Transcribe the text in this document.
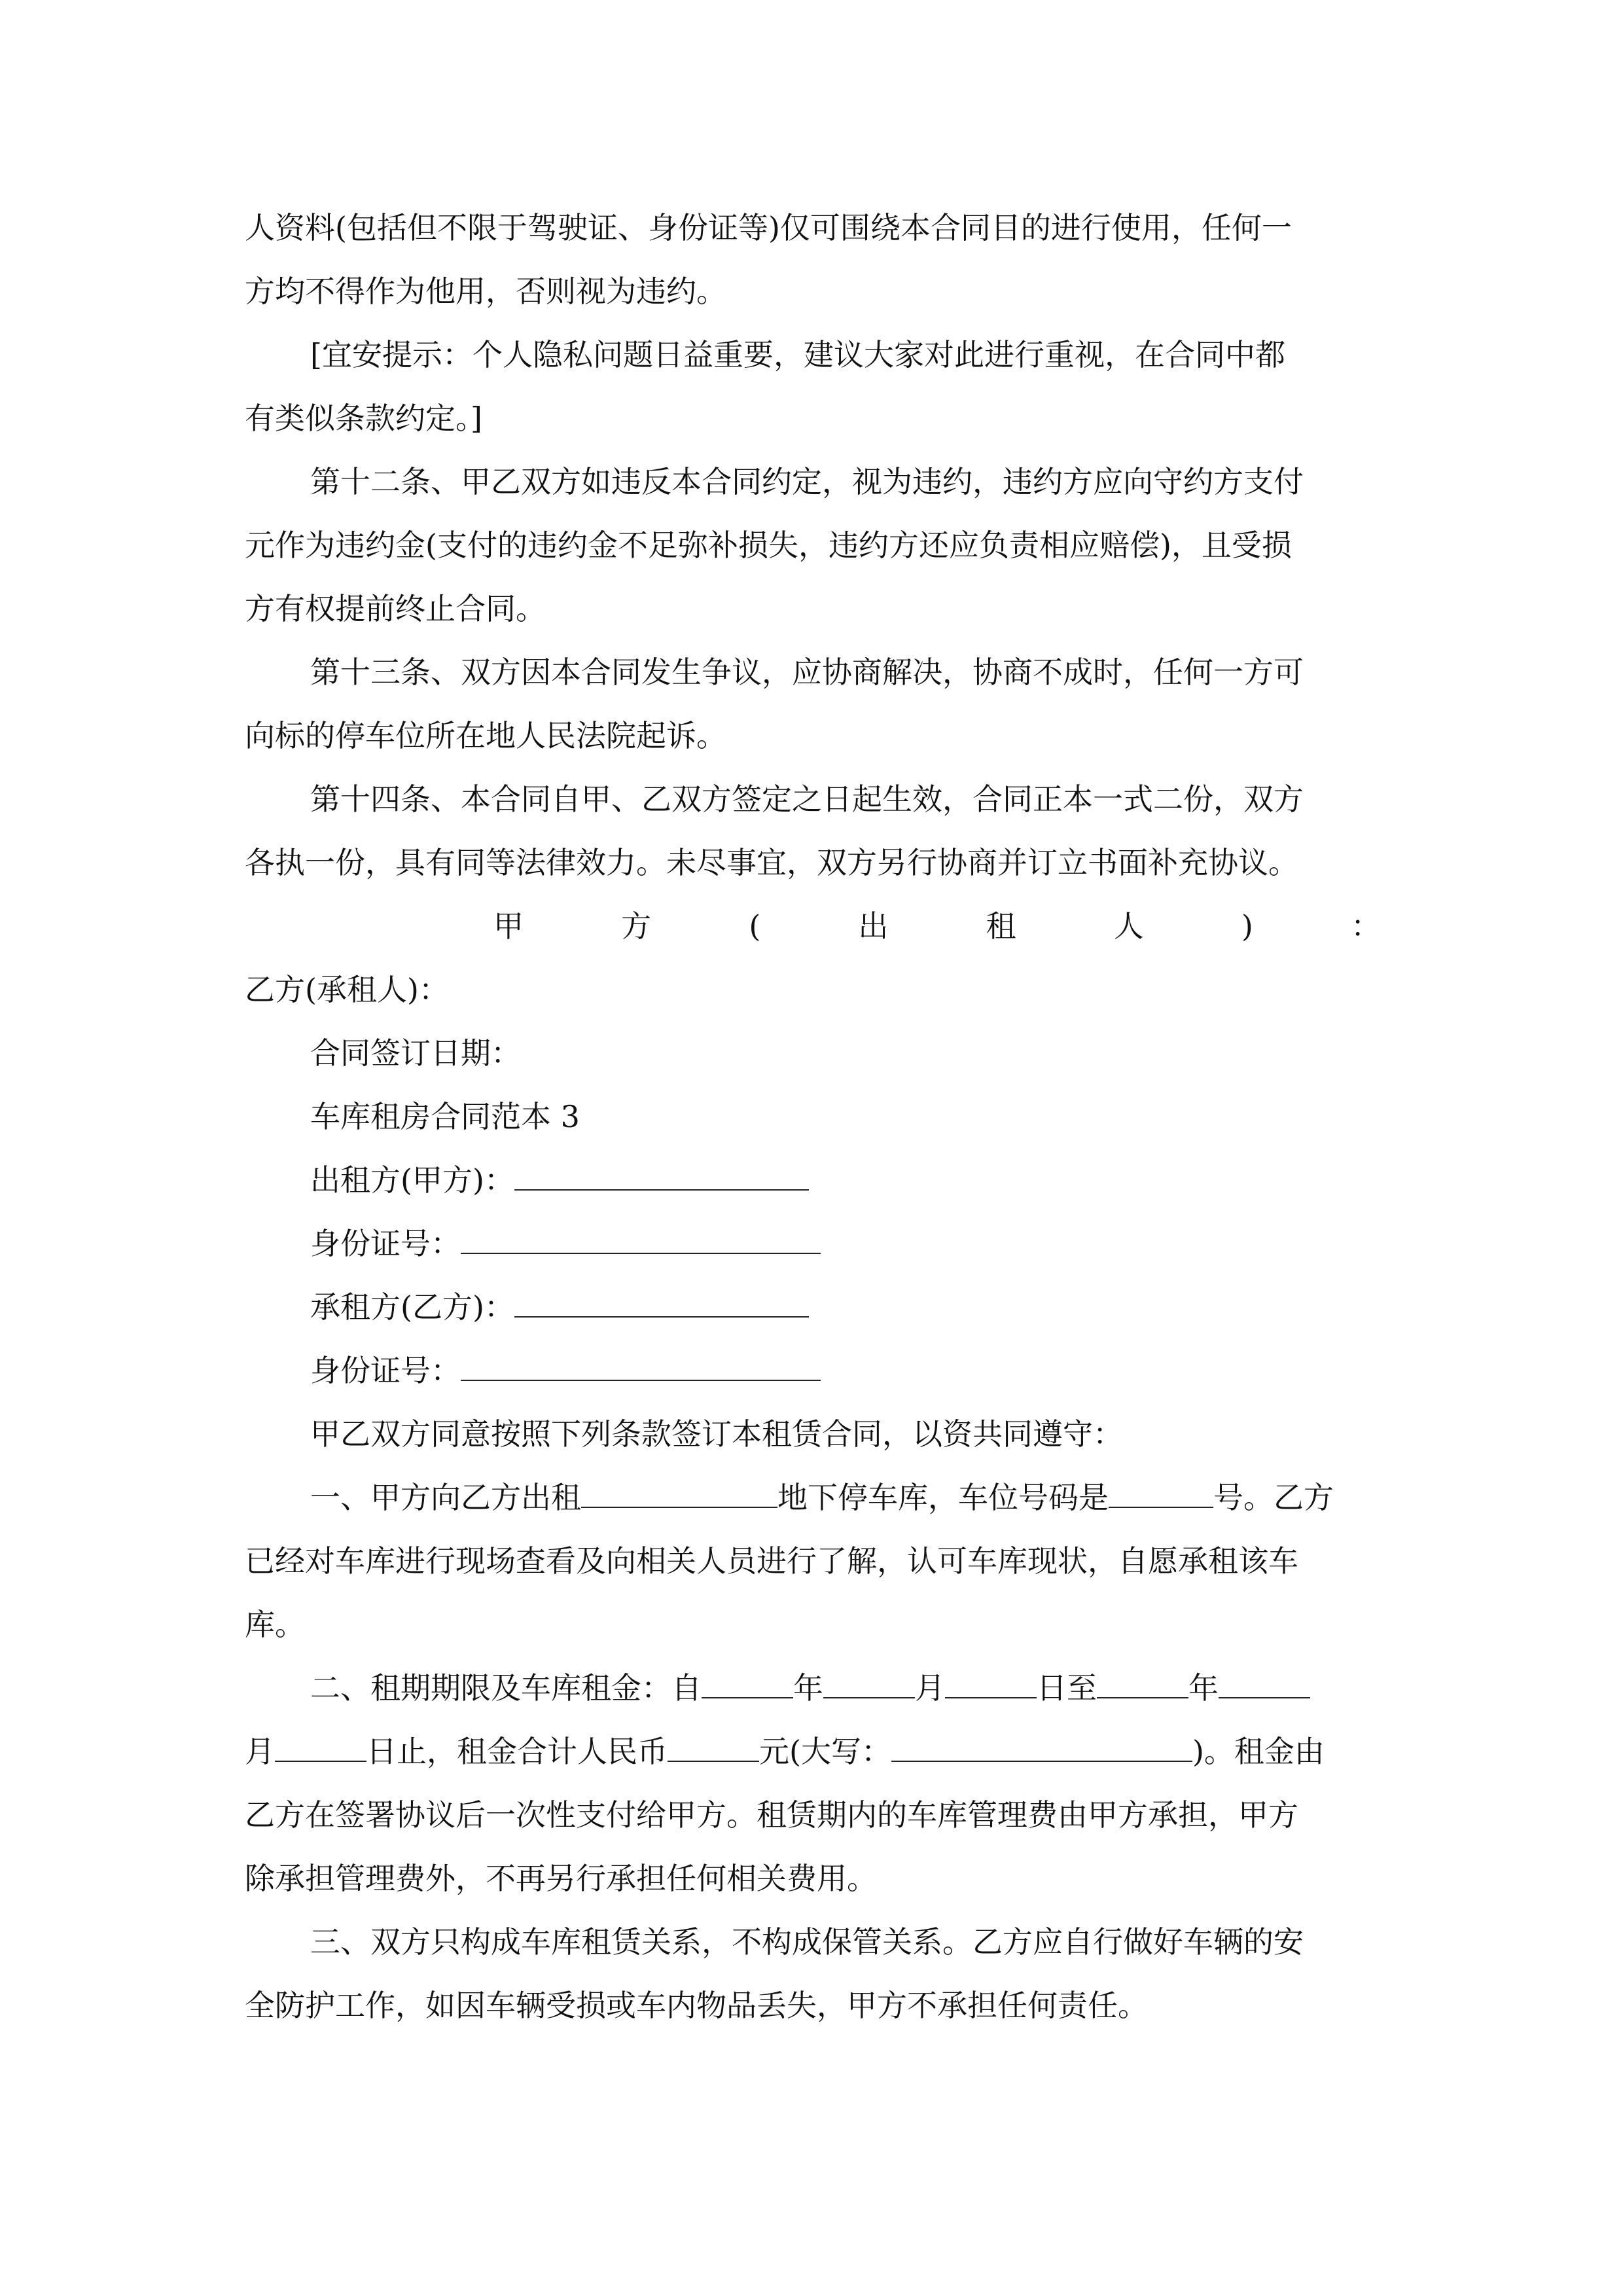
人资料(包括但不限于驾驶证、身份证等)仅可围绕本合同目的进行使用，任何一
方均不得作为他用，否则视为违约。

[宜安提示：个人隐私问题日益重要，建议大家对此进行重视，在合同中都
有类似条款约定。]

第十二条、甲乙双方如违反本合同约定，视为违约，违约方应向守约方支付
元作为违约金(支付的违约金不足弥补损失，违约方还应负责相应赔偿)，且受损
方有权提前终止合同。

第十三条、双方因本合同发生争议，应协商解决，协商不成时，任何一方可
向标的停车位所在地人民法院起诉。

第十四条、本合同自甲、乙双方签定之日起生效，合同正本一式二份，双方
各执一份，具有同等法律效力。未尽事宜，双方另行协商并订立书面补充协议。

甲	方	(	出	租	人	)	：

乙方(承租人)：

合同签订日期：

车库租房合同范本 3

出租方(甲方)：

身份证号：

承租方(乙方)：

身份证号：

甲乙双方同意按照下列条款签订本租赁合同，以资共同遵守：

一、甲方向乙方出租	地下停车库，车位号码是	号。乙方
已经对车库进行现场查看及向相关人员进行了解，认可车库现状，自愿承租该车
库。

二、租期期限及车库租金：自	年	月	日至	年
月	日止，租金合计人民币	元(大写：	)。租金由
乙方在签署协议后一次性支付给甲方。租赁期内的车库管理费由甲方承担，甲方
除承担管理费外，不再另行承担任何相关费用。

三、双方只构成车库租赁关系，不构成保管关系。乙方应自行做好车辆的安
全防护工作，如因车辆受损或车内物品丢失，甲方不承担任何责任。
